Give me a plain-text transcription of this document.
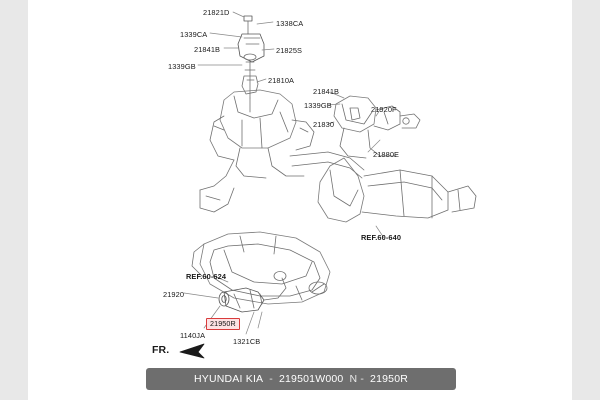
21821D
1338CA
1339CA
21841B	21825S
1339GB
21810A
21841B
1339GB	21920F
21830
21880E
21920
1140JA
1321CB
REF.60-640
REF.60-624
21950R
FR.
HYUNDAI KIA - 219501W000 N - 21950R
